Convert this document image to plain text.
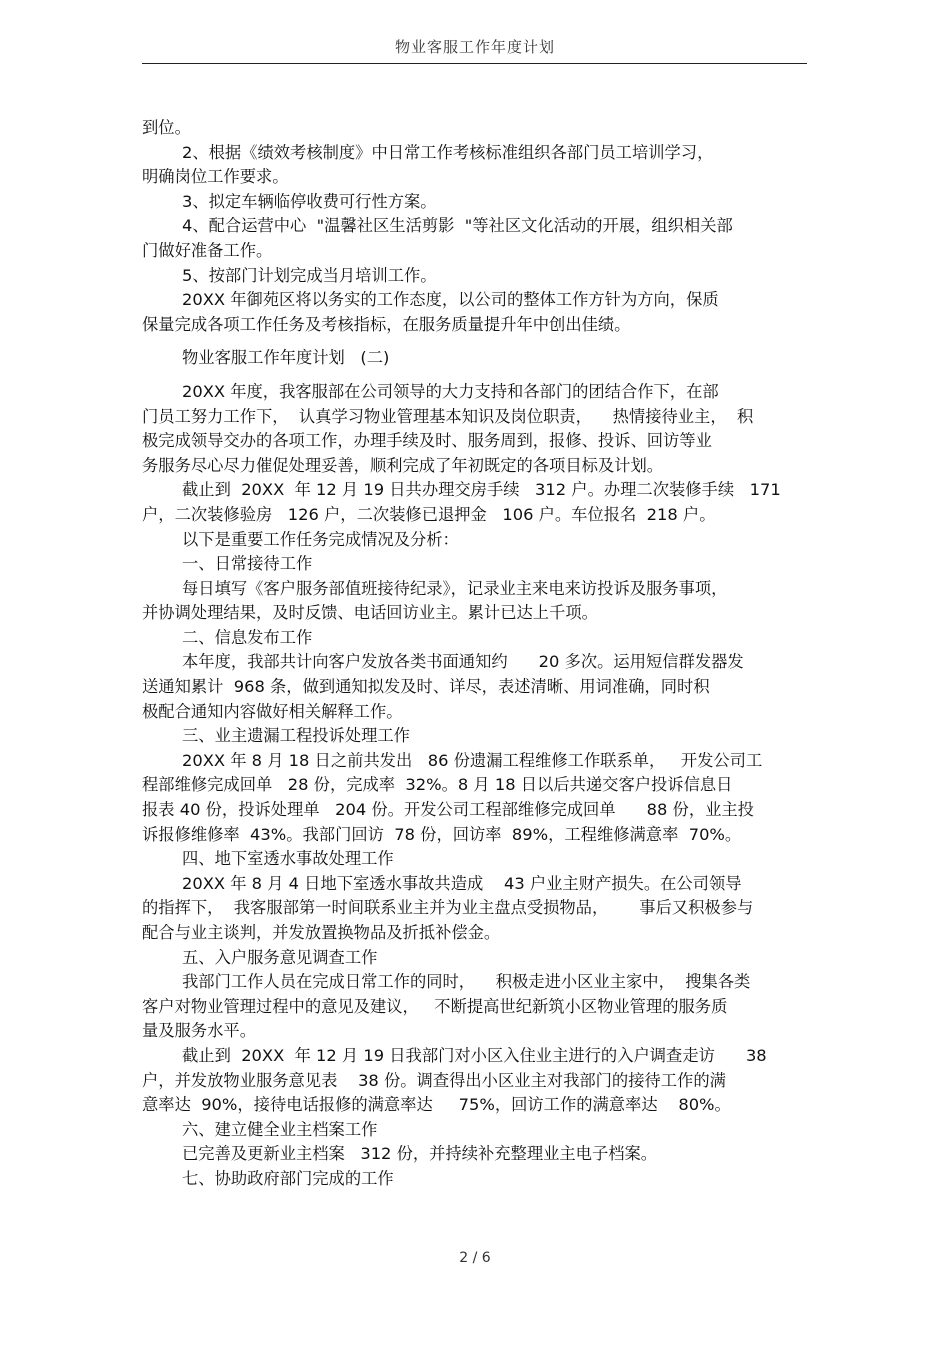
物业客服工作年度计划
到位。
2、根据《绩效考核制度》中日常工作考核标准组织各部门员工培训学习，
明确岗位工作要求。
3、拟定车辆临停收费可行性方案。
4、配合运营中心  "温馨社区生活剪影  "等社区文化活动的开展，组织相关部
门做好准备工作。
5、按部门计划完成当月培训工作。
20XX 年御苑区将以务实的工作态度，以公司的整体工作方针为方向，保质
保量完成各项工作任务及考核指标，在服务质量提升年中创出佳绩。
物业客服工作年度计划   (二)
20XX 年度，我客服部在公司领导的大力支持和各部门的团结合作下，在部
门员工努力工作下，  认真学习物业管理基本知识及岗位职责，    热情接待业主，  积
极完成领导交办的各项工作，办理手续及时、服务周到，报修、投诉、回访等业
务服务尽心尽力催促处理妥善，顺利完成了年初既定的各项目标及计划。
截止到  20XX  年 12 月 19 日共办理交房手续   312 户。办理二次装修手续   171
户，二次装修验房   126 户，二次装修已退押金   106 户。车位报名  218 户。
以下是重要工作任务完成情况及分析：
一、日常接待工作
每日填写《客户服务部值班接待纪录》，记录业主来电来访投诉及服务事项，
并协调处理结果，及时反馈、电话回访业主。累计已达上千项。
二、信息发布工作
本年度，我部共计向客户发放各类书面通知约      20 多次。运用短信群发器发
送通知累计  968 条，做到通知拟发及时、详尽，表述清晰、用词准确，同时积
极配合通知内容做好相关解释工作。
三、业主遗漏工程投诉处理工作
20XX 年 8 月 18 日之前共发出   86 份遗漏工程维修工作联系单，   开发公司工
程部维修完成回单   28 份，完成率  32%。8 月 18 日以后共递交客户投诉信息日
报表 40 份，投诉处理单   204 份。开发公司工程部维修完成回单      88 份，业主投
诉报修维修率  43%。我部门回访  78 份，回访率  89%，工程维修满意率  70%。
四、地下室透水事故处理工作
20XX 年 8 月 4 日地下室透水事故共造成    43 户业主财产损失。在公司领导
的指挥下，  我客服部第一时间联系业主并为业主盘点受损物品，      事后又积极参与
配合与业主谈判，并发放置换物品及折抵补偿金。
五、入户服务意见调查工作
我部门工作人员在完成日常工作的同时，    积极走进小区业主家中，  搜集各类
客户对物业管理过程中的意见及建议，   不断提高世纪新筑小区物业管理的服务质
量及服务水平。
截止到  20XX  年 12 月 19 日我部门对小区入住业主进行的入户调查走访      38
户，并发放物业服务意见表    38 份。调查得出小区业主对我部门的接待工作的满
意率达  90%，接待电话报修的满意率达     75%，回访工作的满意率达    80%。
六、建立健全业主档案工作
已完善及更新业主档案   312 份，并持续补充整理业主电子档案。
七、协助政府部门完成的工作
2 / 6
